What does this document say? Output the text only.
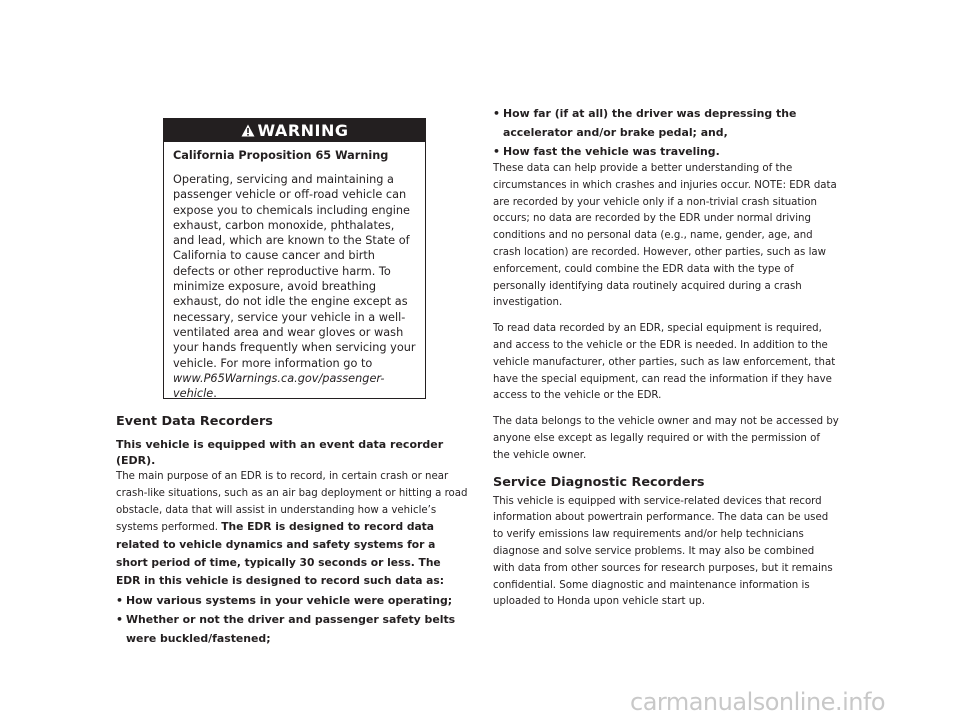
WARNING
California Proposition 65 Warning
Operating, servicing and maintaining a passenger vehicle or off-road vehicle can expose you to chemicals including engine exhaust, carbon monoxide, phthalates, and lead, which are known to the State of California to cause cancer and birth defects or other reproductive harm. To minimize exposure, avoid breathing exhaust, do not idle the engine except as necessary, service your vehicle in a well-ventilated area and wear gloves or wash your hands frequently when servicing your vehicle. For more information go to www.P65Warnings.ca.gov/passenger-vehicle.
Event Data Recorders

This vehicle is equipped with an event data recorder (EDR).

The main purpose of an EDR is to record, in certain crash or near crash-like situations, such as an air bag deployment or hitting a road obstacle, data that will assist in understanding how a vehicle’s systems performed. The EDR is designed to record data related to vehicle dynamics and safety systems for a short period of time, typically 30 seconds or less. The EDR in this vehicle is designed to record such data as:

• How various systems in your vehicle were operating;
• Whether or not the driver and passenger safety belts were buckled/fastened;
• How far (if at all) the driver was depressing the accelerator and/or brake pedal; and,
• How fast the vehicle was traveling.

These data can help provide a better understanding of the circumstances in which crashes and injuries occur. NOTE: EDR data are recorded by your vehicle only if a non-trivial crash situation occurs; no data are recorded by the EDR under normal driving conditions and no personal data (e.g., name, gender, age, and crash location) are recorded. However, other parties, such as law enforcement, could combine the EDR data with the type of personally identifying data routinely acquired during a crash investigation.

To read data recorded by an EDR, special equipment is required, and access to the vehicle or the EDR is needed. In addition to the vehicle manufacturer, other parties, such as law enforcement, that have the special equipment, can read the information if they have access to the vehicle or the EDR.

The data belongs to the vehicle owner and may not be accessed by anyone else except as legally required or with the permission of the vehicle owner.

Service Diagnostic Recorders

This vehicle is equipped with service-related devices that record information about powertrain performance. The data can be used to verify emissions law requirements and/or help technicians diagnose and solve service problems. It may also be combined with data from other sources for research purposes, but it remains confidential. Some diagnostic and maintenance information is uploaded to Honda upon vehicle start up.

carmanualsonline.info
